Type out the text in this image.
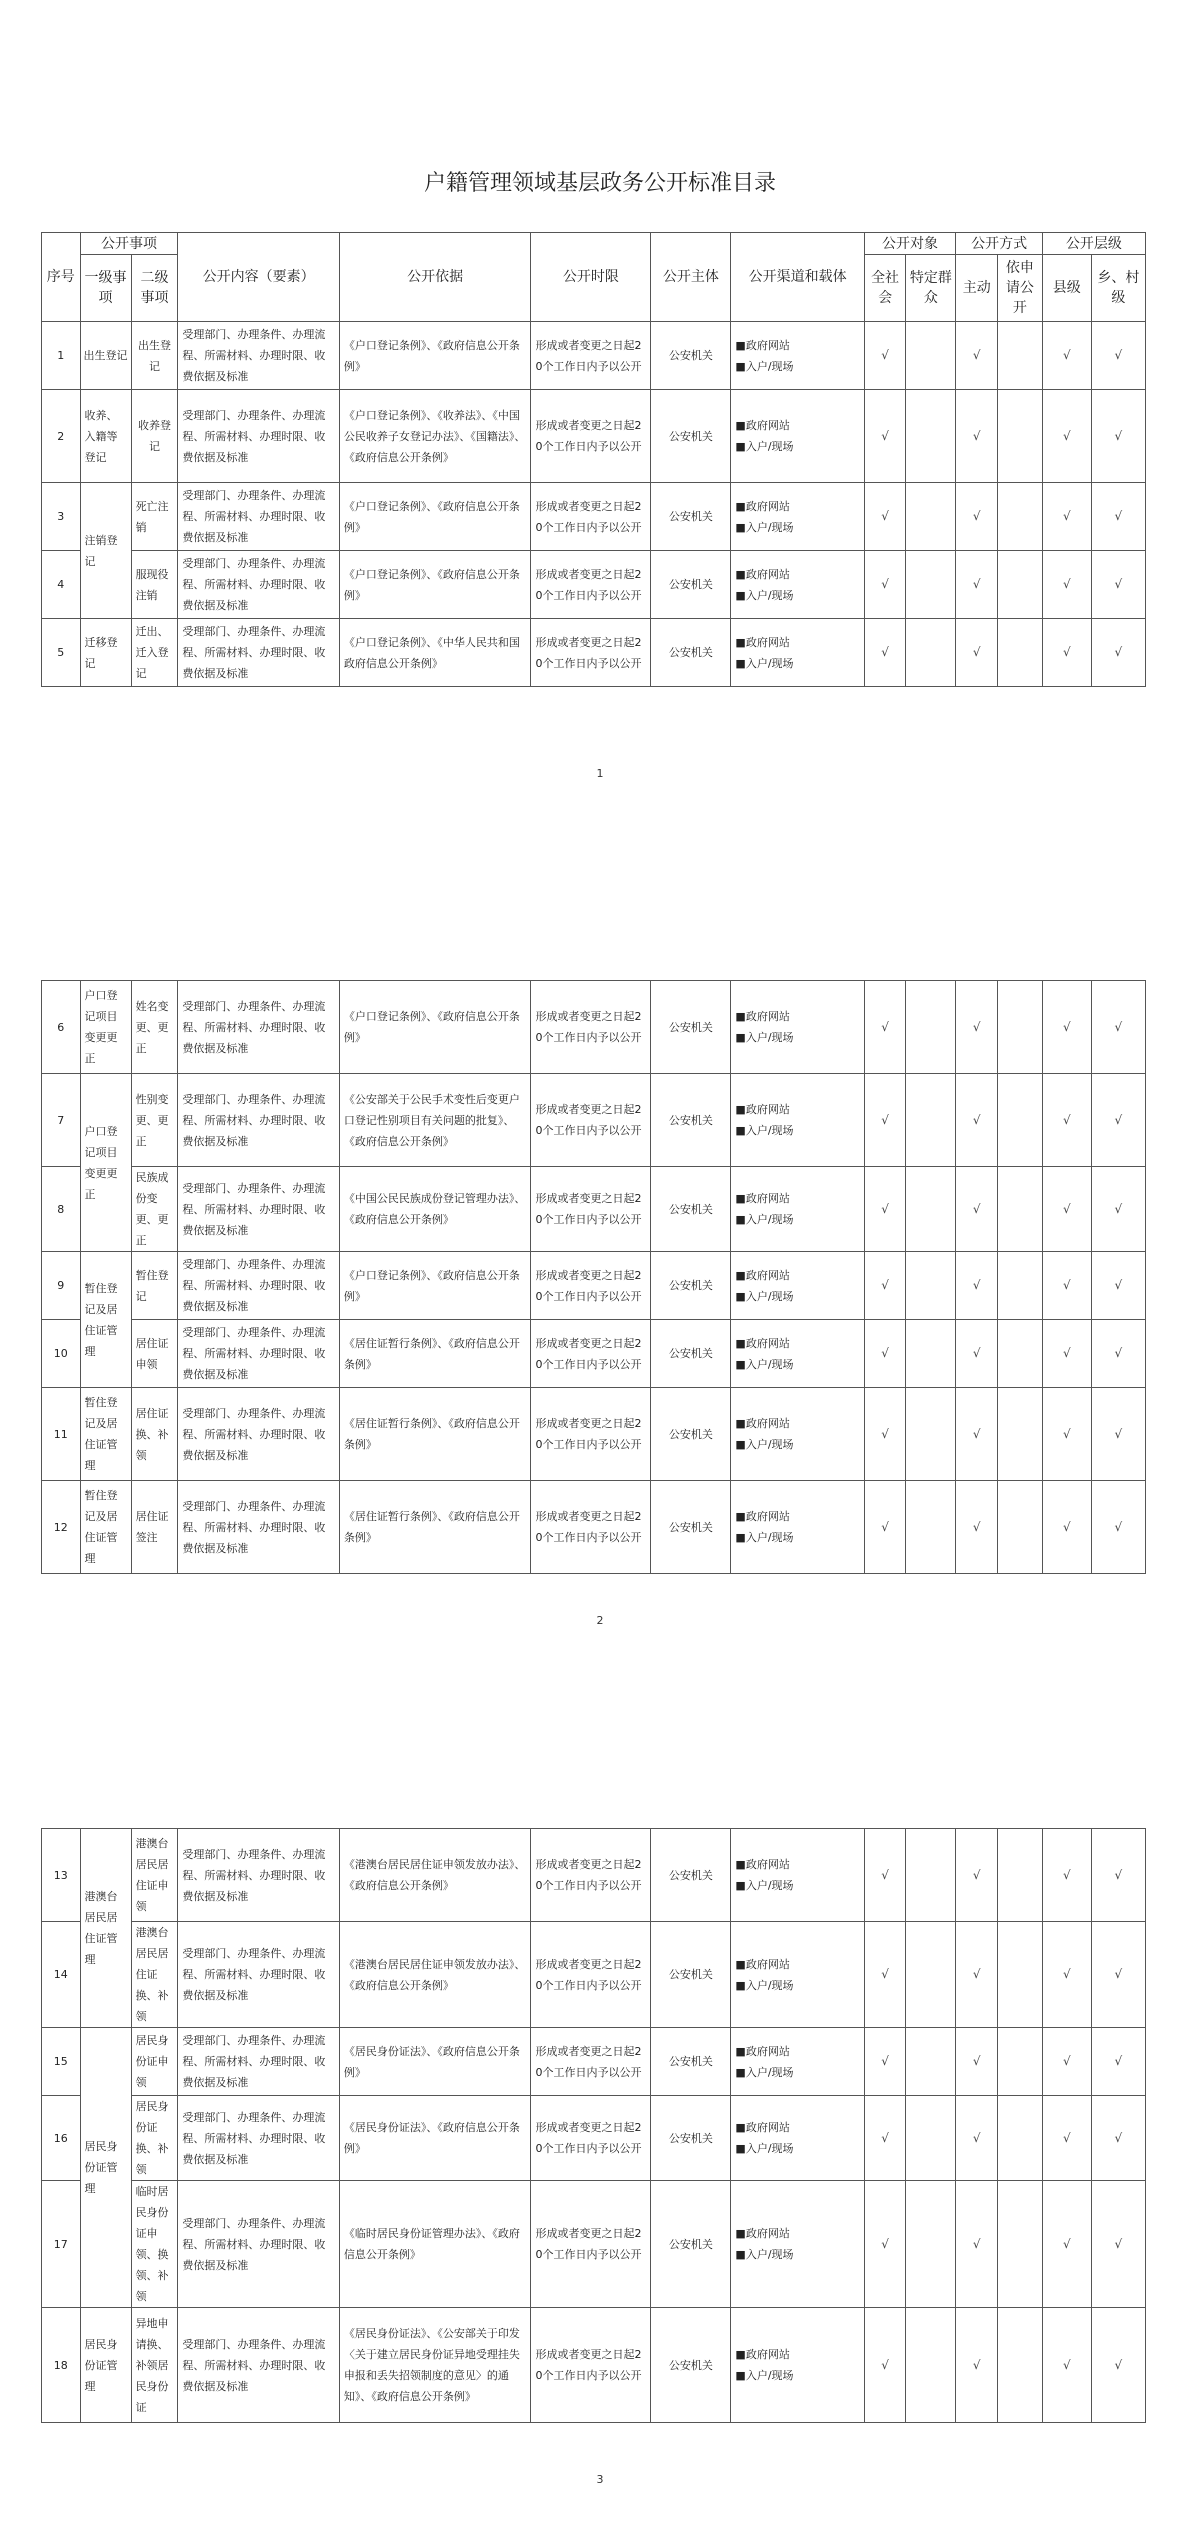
户籍管理领域基层政务公开标准目录
序号	公开事项		公开内容（要素）	公开依据	公开时限	公开主体	公开渠道和载体	公开对象		公开方式		公开层级	
	一级事项	二级事项						全社会	特定群众	主动	依申请公开	县级	乡、村级
1	出生登记	出生登记	受理部门、办理条件、办理流程、所需材料、办理时限、收费依据及标准	《户口登记条例》、《政府信息公开条例》	形成或者变更之日起20个工作日内予以公开	公安机关	■政府网站
■入户/现场	√		√		√	√
2	收养、入籍等登记	收养登记	受理部门、办理条件、办理流程、所需材料、办理时限、收费依据及标准	《户口登记条例》、《收养法》、《中国公民收养子女登记办法》、《国籍法》、《政府信息公开条例》	形成或者变更之日起20个工作日内予以公开	公安机关	■政府网站
■入户/现场	√		√		√	√
3	注销登记	死亡注销	受理部门、办理条件、办理流程、所需材料、办理时限、收费依据及标准	《户口登记条例》、《政府信息公开条例》	形成或者变更之日起20个工作日内予以公开	公安机关	■政府网站
■入户/现场	√		√		√	√
4		服现役注销	受理部门、办理条件、办理流程、所需材料、办理时限、收费依据及标准	《户口登记条例》、《政府信息公开条例》	形成或者变更之日起20个工作日内予以公开	公安机关	■政府网站
■入户/现场	√		√		√	√
5	迁移登记	迁出、迁入登记	受理部门、办理条件、办理流程、所需材料、办理时限、收费依据及标准	《户口登记条例》、《中华人民共和国政府信息公开条例》	形成或者变更之日起20个工作日内予以公开	公安机关	■政府网站
■入户/现场	√		√		√	√
1
6	户口登记项目变更更正	姓名变更、更正	受理部门、办理条件、办理流程、所需材料、办理时限、收费依据及标准	《户口登记条例》、《政府信息公开条例》	形成或者变更之日起20个工作日内予以公开	公安机关	■政府网站
■入户/现场	√		√		√	√
7	户口登记项目变更更正	性别变更、更正	受理部门、办理条件、办理流程、所需材料、办理时限、收费依据及标准	《公安部关于公民手术变性后变更户口登记性别项目有关问题的批复》、《政府信息公开条例》	形成或者变更之日起20个工作日内予以公开	公安机关	■政府网站
■入户/现场	√		√		√	√
8		民族成份变更、更正	受理部门、办理条件、办理流程、所需材料、办理时限、收费依据及标准	《中国公民民族成份登记管理办法》、《政府信息公开条例》	形成或者变更之日起20个工作日内予以公开	公安机关	■政府网站
■入户/现场	√		√		√	√
9	暂住登记及居住证管理	暂住登记	受理部门、办理条件、办理流程、所需材料、办理时限、收费依据及标准	《户口登记条例》、《政府信息公开条例》	形成或者变更之日起20个工作日内予以公开	公安机关	■政府网站
■入户/现场	√		√		√	√
10		居住证申领	受理部门、办理条件、办理流程、所需材料、办理时限、收费依据及标准	《居住证暂行条例》、《政府信息公开条例》	形成或者变更之日起20个工作日内予以公开	公安机关	■政府网站
■入户/现场	√		√		√	√
11	暂住登记及居住证管理	居住证换、补领	受理部门、办理条件、办理流程、所需材料、办理时限、收费依据及标准	《居住证暂行条例》、《政府信息公开条例》	形成或者变更之日起20个工作日内予以公开	公安机关	■政府网站
■入户/现场	√		√		√	√
12	暂住登记及居住证管理	居住证签注	受理部门、办理条件、办理流程、所需材料、办理时限、收费依据及标准	《居住证暂行条例》、《政府信息公开条例》	形成或者变更之日起20个工作日内予以公开	公安机关	■政府网站
■入户/现场	√		√		√	√
2
13	港澳台居民居住证管理	港澳台居民居住证申领	受理部门、办理条件、办理流程、所需材料、办理时限、收费依据及标准	《港澳台居民居住证申领发放办法》、《政府信息公开条例》	形成或者变更之日起20个工作日内予以公开	公安机关	■政府网站
■入户/现场	√		√		√	√
14		港澳台居民居住证换、补领	受理部门、办理条件、办理流程、所需材料、办理时限、收费依据及标准	《港澳台居民居住证申领发放办法》、《政府信息公开条例》	形成或者变更之日起20个工作日内予以公开	公安机关	■政府网站
■入户/现场	√		√		√	√
15	居民身份证管理	居民身份证申领	受理部门、办理条件、办理流程、所需材料、办理时限、收费依据及标准	《居民身份证法》、《政府信息公开条例》	形成或者变更之日起20个工作日内予以公开	公安机关	■政府网站
■入户/现场	√		√		√	√
16		居民身份证换、补领	受理部门、办理条件、办理流程、所需材料、办理时限、收费依据及标准	《居民身份证法》、《政府信息公开条例》	形成或者变更之日起20个工作日内予以公开	公安机关	■政府网站
■入户/现场	√		√		√	√
17		临时居民身份证申领、换领、补领	受理部门、办理条件、办理流程、所需材料、办理时限、收费依据及标准	《临时居民身份证管理办法》、《政府信息公开条例》	形成或者变更之日起20个工作日内予以公开	公安机关	■政府网站
■入户/现场	√		√		√	√
18	居民身份证管理	异地申请换、补领居民身份证	受理部门、办理条件、办理流程、所需材料、办理时限、收费依据及标准	《居民身份证法》、《公安部关于印发〈关于建立居民身份证异地受理挂失申报和丢失招领制度的意见〉的通知》、《政府信息公开条例》	形成或者变更之日起20个工作日内予以公开	公安机关	■政府网站
■入户/现场	√		√		√	√
3
